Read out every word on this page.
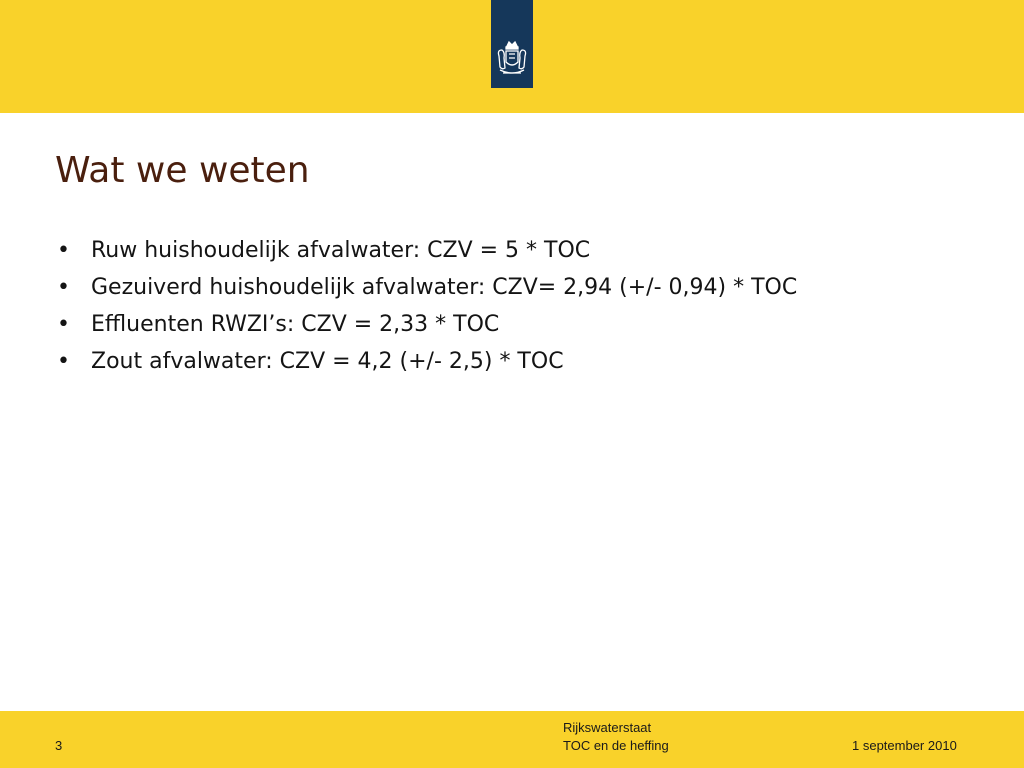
Wat we weten
• Ruw huishoudelijk afvalwater: CZV = 5 * TOC
• Gezuiverd huishoudelijk afvalwater: CZV= 2,94 (+/- 0,94) * TOC
• Effluenten RWZI’s: CZV = 2,33 * TOC
• Zout afvalwater: CZV = 4,2 (+/- 2,5) * TOC
3
Rijkswaterstaat
TOC en de heffing	1 september 2010
